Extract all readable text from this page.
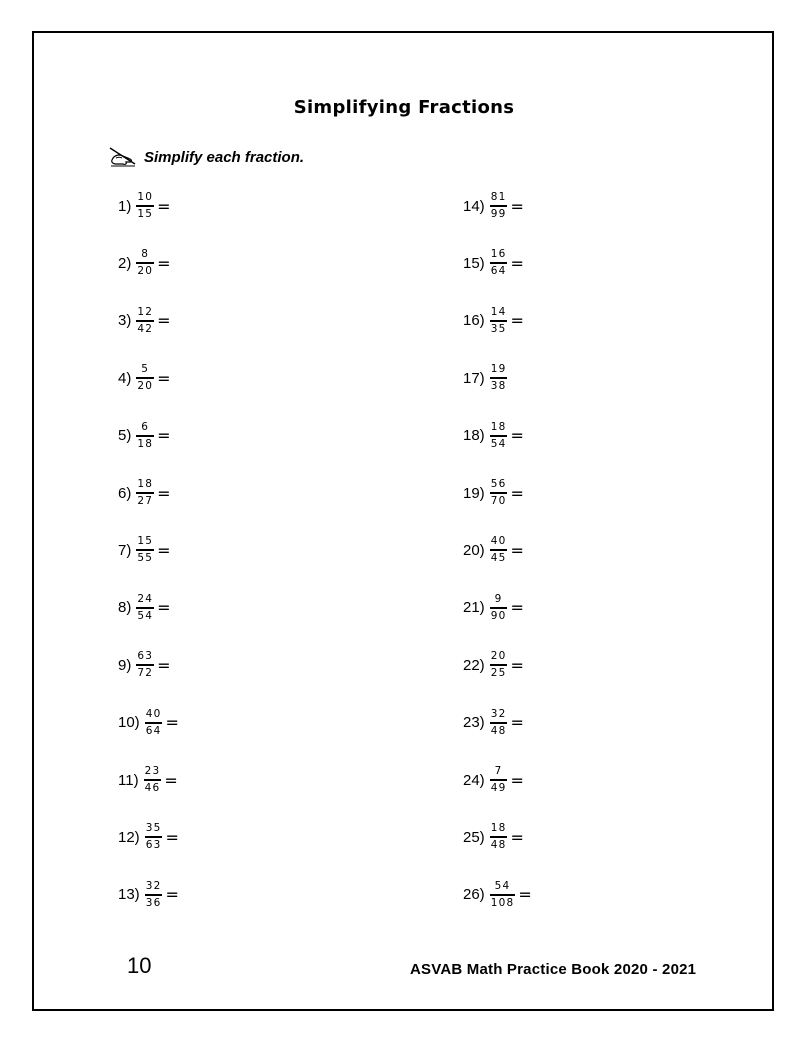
Simplifying Fractions
Simplify each fraction.
$1) \frac{10}{15}$ =
$2) \frac{8}{20}$ =
$3) \frac{12}{42}$ =
$4) \frac{5}{20}$ =
$5) \frac{6}{18}$ =
$6) \frac{18}{27}$ =
$7) \frac{15}{55}$ =
$8) \frac{24}{54}$ =
$9) \frac{63}{72}$ =
$10) \frac{40}{64}$ =
$11) \frac{23}{46}$ =
$12) \frac{35}{63}$ =
$13) \frac{32}{36}$ =
$14) \frac{81}{99}$ =
$15) \frac{16}{64}$ =
$16) \frac{14}{35}$ =
$17) \frac{19}{38}$
$18) \frac{18}{54}$ =
$19) \frac{56}{70}$ =
$20) \frac{40}{45}$ =
$21) \frac{9}{90}$ =
$22) \frac{20}{25}$ =
$23) \frac{32}{48}$ =
$24) \frac{7}{49}$ =
$25) \frac{18}{48}$ =
$26) \frac{54}{108}$ =
10	ASVAB Math Practice Book 2020 - 2021
